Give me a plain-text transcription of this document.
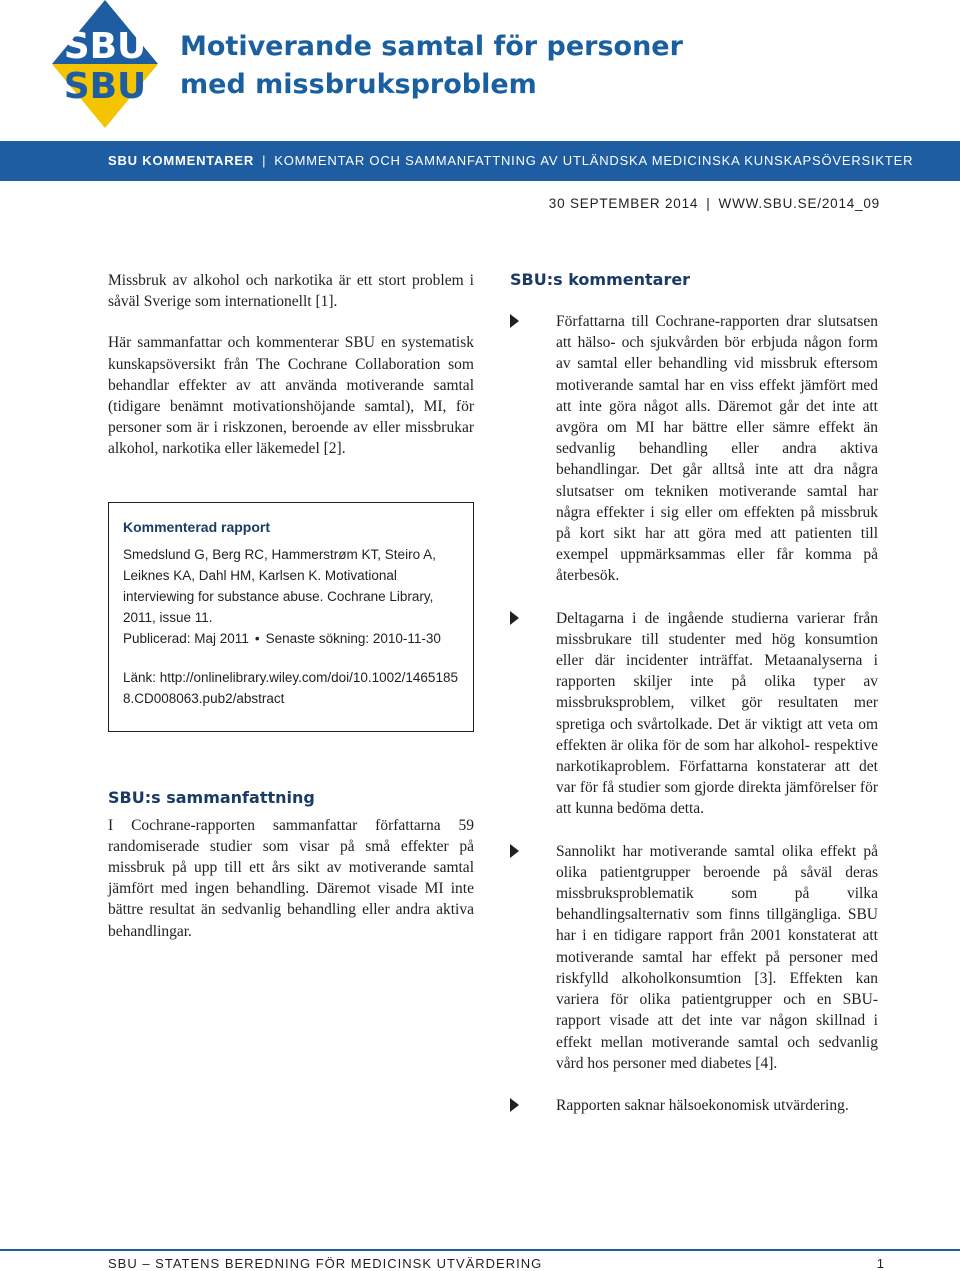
SBU
SBU
Motiverande samtal för personer
med missbruksproblem
SBU KOMMENTARER | KOMMENTAR OCH SAMMANFATTNING AV UTLÄNDSKA MEDICINSKA KUNSKAPSÖVERSIKTER
30 SEPTEMBER 2014 | WWW.SBU.SE/2014_09

Missbruk av alkohol och narkotika är ett stort problem i såväl Sverige som internationellt [1].

Här sammanfattar och kommenterar SBU en systematisk kunskapsöversikt från The Cochrane Collaboration som behandlar effekter av att använda motiverande samtal (tidigare benämnt motivationshöjande samtal), MI, för personer som är i riskzonen, beroende av eller missbrukar alkohol, narkotika eller läkemedel [2].

Kommenterad rapport

Smedslund G, Berg RC, Hammerstrøm KT, Steiro A, Leiknes KA, Dahl HM, Karlsen K. Motivational interviewing for substance abuse. Cochrane Library, 2011, issue 11.

Publicerad: Maj 2011 • Senaste sökning: 2010-11-30

Länk: http://onlinelibrary.wiley.com/doi/10.1002/14651858.CD008063.pub2/abstract

SBU:s sammanfattning

I Cochrane-rapporten sammanfattar författarna 59 randomiserade studier som visar på små effekter på missbruk på upp till ett års sikt av motiverande samtal jämfört med ingen behandling. Däremot visade MI inte bättre resultat än sedvanlig behandling eller andra aktiva behandlingar.

SBU:s kommentarer

Författarna till Cochrane-rapporten drar slutsatsen att hälso- och sjukvården bör erbjuda någon form av samtal eller behandling vid missbruk eftersom motiverande samtal har en viss effekt jämfört med att inte göra något alls. Däremot går det inte att avgöra om MI har bättre eller sämre effekt än sedvanlig behandling eller andra aktiva behandlingar. Det går alltså inte att dra några slutsatser om tekniken motiverande samtal har några effekter i sig eller om effekten på missbruk på kort sikt har att göra med att patienten till exempel uppmärksammas eller får komma på återbesök.

Deltagarna i de ingående studierna varierar från missbrukare till studenter med hög konsumtion eller där incidenter inträffat. Metaanalyserna i rapporten skiljer inte på olika typer av missbruksproblem, vilket gör resultaten mer spretiga och svårtolkade. Det är viktigt att veta om effekten är olika för de som har alkohol- respektive narkotikaproblem. Författarna konstaterar att det var för få studier som gjorde direkta jämförelser för att kunna bedöma detta.

Sannolikt har motiverande samtal olika effekt på olika patientgrupper beroende på såväl deras missbruksproblematik som på vilka behandlingsalternativ som finns tillgängliga. SBU har i en tidigare rapport från 2001 konstaterat att motiverande samtal har effekt på personer med riskfylld alkoholkonsumtion [3]. Effekten kan variera för olika patientgrupper och en SBU-rapport visade att det inte var någon skillnad i effekt mellan motiverande samtal och sedvanlig vård hos personer med diabetes [4].

Rapporten saknar hälsoekonomisk utvärdering.

SBU – STATENS BEREDNING FÖR MEDICINSK UTVÄRDERING	1
